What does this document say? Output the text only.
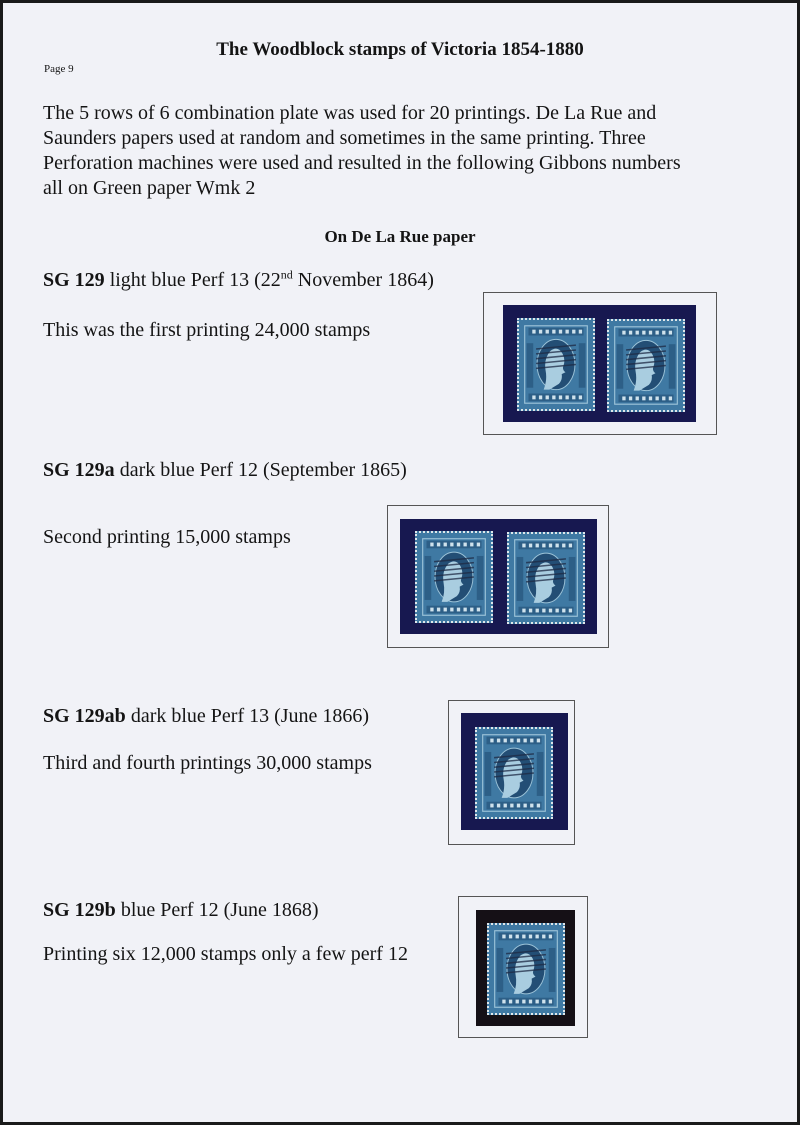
The Woodblock stamps of Victoria 1854-1880
Page 9
The 5 rows of 6 combination plate was used for 20 printings. De La Rue and
Saunders papers used at random and sometimes in the same printing. Three
Perforation machines were used and resulted in the following Gibbons numbers
all on Green paper Wmk 2
On De La Rue paper
SG 129 light blue Perf 13 (22nd November 1864)
This was the first printing 24,000 stamps
SG 129a dark blue Perf 12 (September 1865)
Second printing 15,000 stamps
SG 129ab dark blue Perf 13 (June 1866)
Third and fourth printings 30,000 stamps
SG 129b blue Perf 12 (June 1868)
Printing six 12,000 stamps only a few perf 12
